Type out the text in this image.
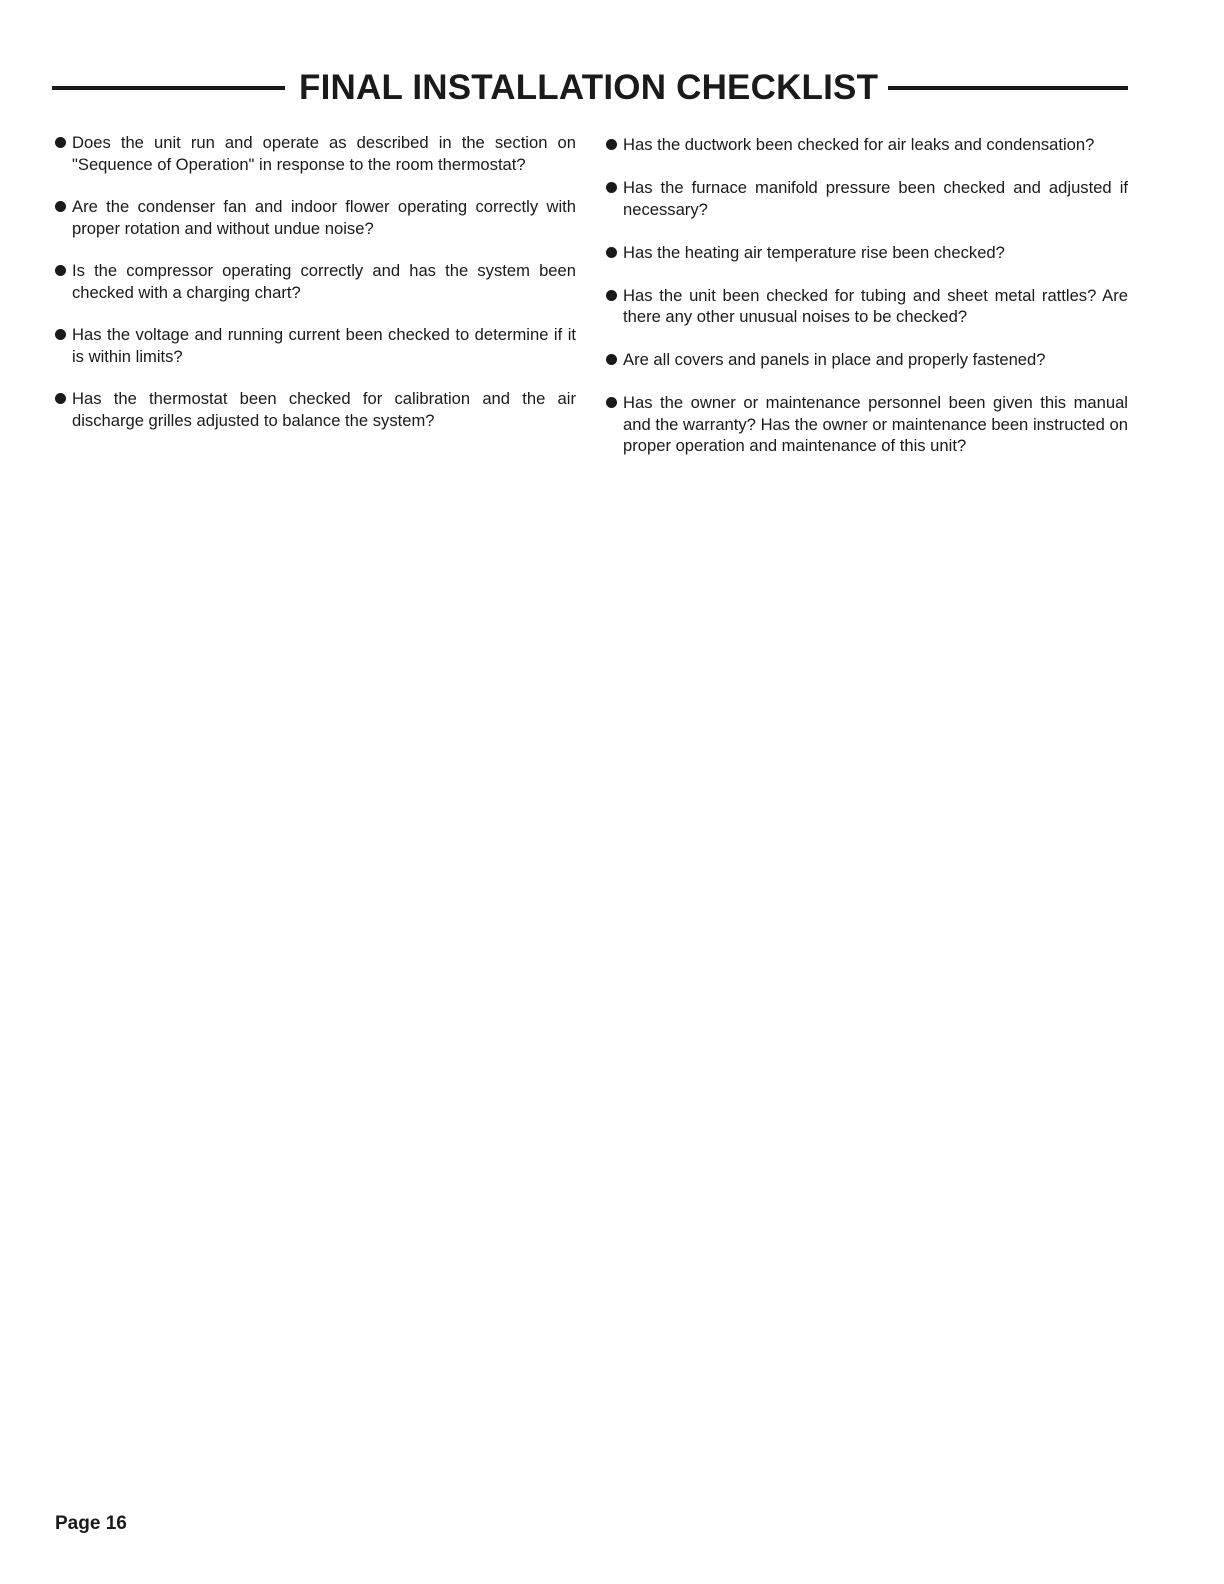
FINAL INSTALLATION CHECKLIST
Does the unit run and operate as described in the section on "Sequence of Operation" in response to the room thermostat?
Are the condenser fan and indoor flower operating correctly with proper rotation and without undue noise?
Is the compressor operating correctly and has the system been checked with a charging chart?
Has the voltage and running current been checked to determine if it is within limits?
Has the thermostat been checked for calibration and the air discharge grilles adjusted to balance the system?
Has the ductwork been checked for air leaks and condensation?
Has the furnace manifold pressure been checked and adjusted if necessary?
Has the heating air temperature rise been checked?
Has the unit been checked for tubing and sheet metal rattles? Are there any other unusual noises to be checked?
Are all covers and panels in place and properly fastened?
Has the owner or maintenance personnel been given this manual and the warranty? Has the owner or maintenance been instructed on proper operation and maintenance of this unit?
Page 16
